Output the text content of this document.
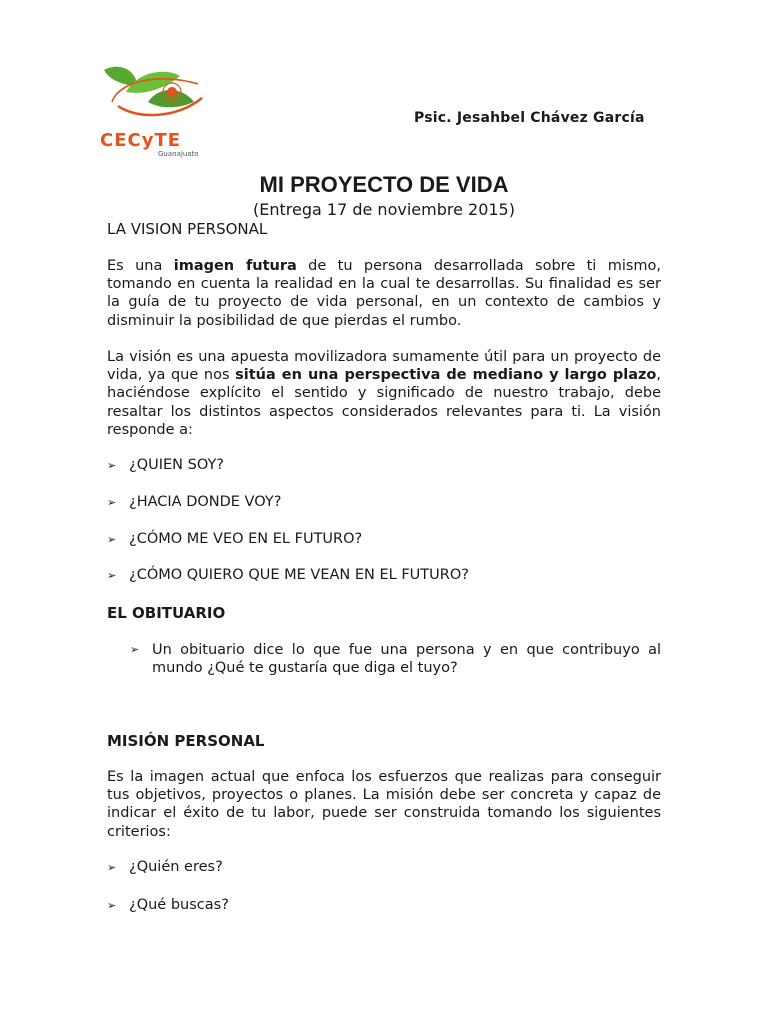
CECyTE
Guanajuato
Psic. Jesahbel Chávez García
MI PROYECTO DE VIDA
(Entrega 17 de noviembre 2015)
LA VISION PERSONAL
Es una imagen futura de tu persona desarrollada sobre ti mismo, tomando en cuenta la realidad en la cual te desarrollas. Su finalidad es ser la guía de tu proyecto de vida personal, en un contexto de cambios y disminuir la posibilidad de que pierdas el rumbo.
La visión es una apuesta movilizadora sumamente útil para un proyecto de vida, ya que nos sitúa en una perspectiva de mediano y largo plazo, haciéndose explícito el sentido y significado de nuestro trabajo, debe resaltar los distintos aspectos considerados relevantes para ti. La visión responde a:
➢ ¿QUIEN SOY?
➢ ¿HACIA DONDE VOY?
➢ ¿CÓMO ME VEO EN EL FUTURO?
➢ ¿CÓMO QUIERO QUE ME VEAN EN EL FUTURO?
EL OBITUARIO
➢ Un obituario dice lo que fue una persona y en que contribuyo al mundo ¿Qué te gustaría que diga el tuyo?
MISIÓN PERSONAL
Es la imagen actual que enfoca los esfuerzos que realizas para conseguir tus objetivos, proyectos o planes. La misión debe ser concreta y capaz de indicar el éxito de tu labor, puede ser construida tomando los siguientes criterios:
➢ ¿Quién eres?
➢ ¿Qué buscas?
